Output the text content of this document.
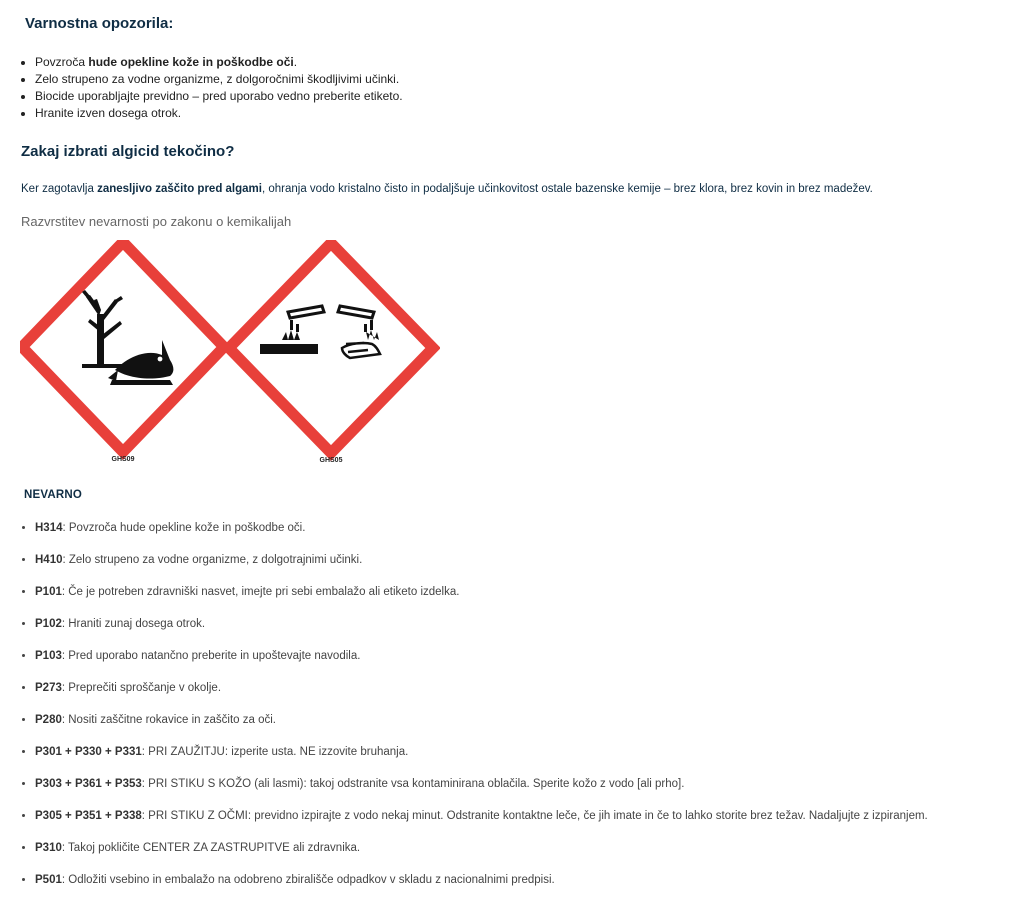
Varnostna opozorila:
• Povzroča hude opekline kože in poškodbe oči.
• Zelo strupeno za vodne organizme, z dolgoročnimi škodljivimi učinki.
• Biocide uporabljajte previdno – pred uporabo vedno preberite etiketo.
• Hranite izven dosega otrok.
Zakaj izbrati algicid tekočino?

Ker zagotavlja zanesljivo zaščito pred algami, ohranja vodo kristalno čisto in podaljšuje učinkovitost ostale bazenske kemije – brez klora, brez kovin in brez madežev.

Razvrstitev nevarnosti po zakonu o kemikalijah

GHS09	GHS05

NEVARNO

• H314: Povzroča hude opekline kože in poškodbe oči.
• H410: Zelo strupeno za vodne organizme, z dolgotrajnimi učinki.
• P101: Če je potreben zdravniški nasvet, imejte pri sebi embalažo ali etiketo izdelka.
• P102: Hraniti zunaj dosega otrok.
• P103: Pred uporabo natančno preberite in upoštevajte navodila.
• P273: Preprečiti sproščanje v okolje.
• P280: Nositi zaščitne rokavice in zaščito za oči.
• P301 + P330 + P331: PRI ZAUŽITJU: izperite usta. NE izzovite bruhanja.
• P303 + P361 + P353: PRI STIKU S KOŽO (ali lasmi): takoj odstranite vsa kontaminirana oblačila. Sperite kožo z vodo [ali prho].
• P305 + P351 + P338: PRI STIKU Z OČMI: previdno izpirajte z vodo nekaj minut. Odstranite kontaktne leče, če jih imate in če to lahko storite brez težav. Nadaljujte z izpiranjem.
• P310: Takoj pokličite CENTER ZA ZASTRUPITVE ali zdravnika.
• P501: Odložiti vsebino in embalažo na odobreno zbirališče odpadkov v skladu z nacionalnimi predpisi.
